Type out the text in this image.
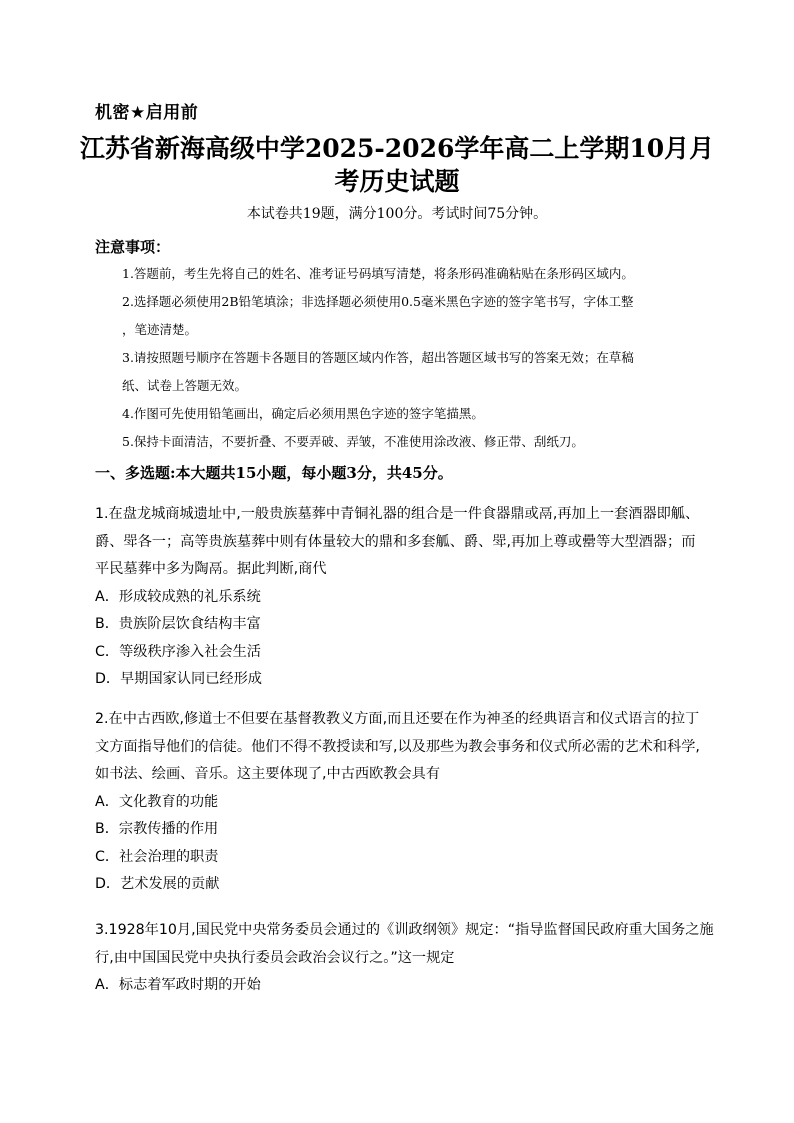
机密★启用前
江苏省新海高级中学2025-2026学年高二上学期10月月
考历史试题
本试卷共19题，满分100分。考试时间75分钟。
注意事项：

1.答题前，考生先将自己的姓名、准考证号码填写清楚，将条形码准确粘贴在条形码区域内。

2.选择题必须使用2B铅笔填涂；非选择题必须使用0.5毫米黑色字迹的签字笔书写，字体工整

，笔迹清楚。

3.请按照题号顺序在答题卡各题目的答题区域内作答，超出答题区域书写的答案无效；在草稿

纸、试卷上答题无效。

4.作图可先使用铅笔画出，确定后必须用黑色字迹的签字笔描黑。

5.保持卡面清洁，不要折叠、不要弄破、弄皱，不准使用涂改液、修正带、刮纸刀。

一、多选题:本大题共15小题，每小题3分，共45分。
1.在盘龙城商城遗址中,一般贵族墓葬中青铜礼器的组合是一件食器鼎或鬲,再加上一套酒器即觚、
爵、斝各一；高等贵族墓葬中则有体量较大的鼎和多套觚、爵、斝,再加上尊或罍等大型酒器；而
平民墓葬中多为陶鬲。据此判断,商代
A．形成较成熟的礼乐系统
B．贵族阶层饮食结构丰富
C．等级秩序渗入社会生活
D．早期国家认同已经形成
2.在中古西欧,修道士不但要在基督教教义方面,而且还要在作为神圣的经典语言和仪式语言的拉丁
文方面指导他们的信徒。他们不得不教授读和写,以及那些为教会事务和仪式所必需的艺术和科学,
如书法、绘画、音乐。这主要体现了,中古西欧教会具有
A．文化教育的功能
B．宗教传播的作用
C．社会治理的职责
D．艺术发展的贡献
3.1928年10月,国民党中央常务委员会通过的《训政纲领》规定：“指导监督国民政府重大国务之施
行,由中国国民党中央执行委员会政治会议行之。”这一规定
A．标志着军政时期的开始
